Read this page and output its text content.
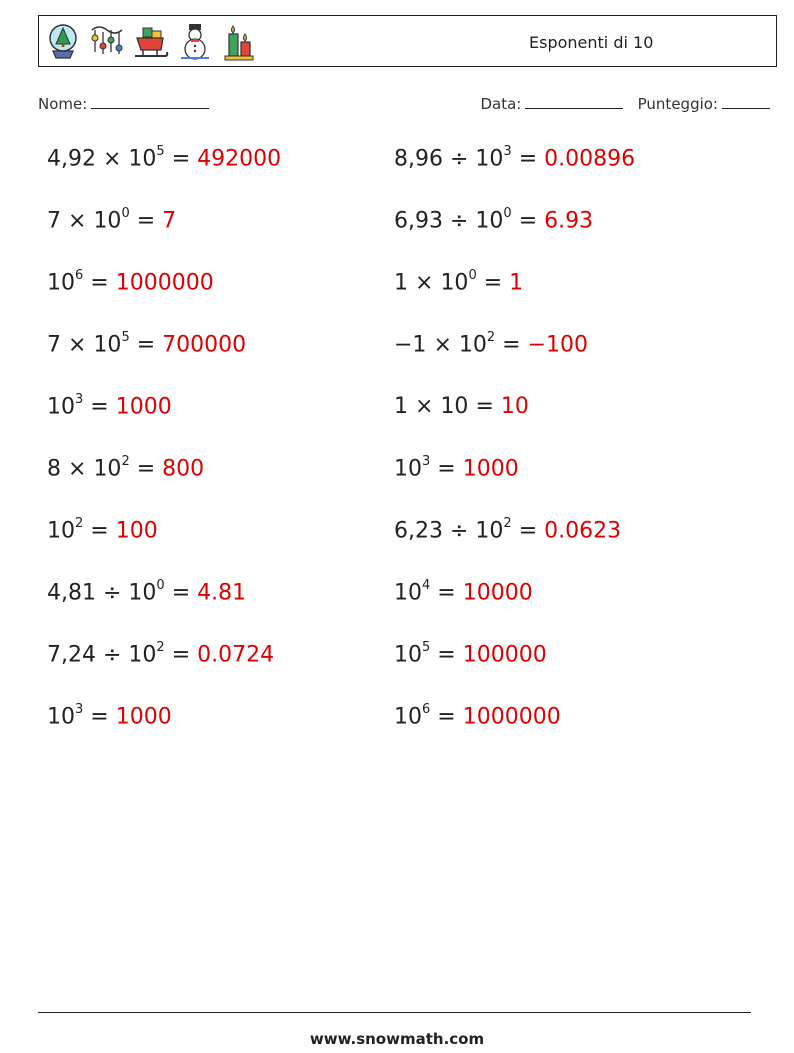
Esponenti di 10
Nome:	Data:	Punteggio:
$4,92 \times 10^5 = 492000$	$8,96 \div 10^3 = 0.00896$
$7 \times 10^0 = 7$	$6,93 \div 10^0 = 6.93$
$10^6 = 1000000$	$1 \times 10^0 = 1$
$7 \times 10^5 = 700000$	$-1 \times 10^2 = -100$
$10^3 = 1000$	1 × 10 = 10
$8 \times 10^2 = 800$	$10^3 = 1000$
$10^2 = 100$	$6,23 \div 10^2 = 0.0623$
$4,81 \div 10^0 = 4.81$	$10^4 = 10000$
$7,24 \div 10^2 = 0.0724$	$10^5 = 100000$
$10^3 = 1000$	$10^6 = 1000000$
www.snowmath.com
